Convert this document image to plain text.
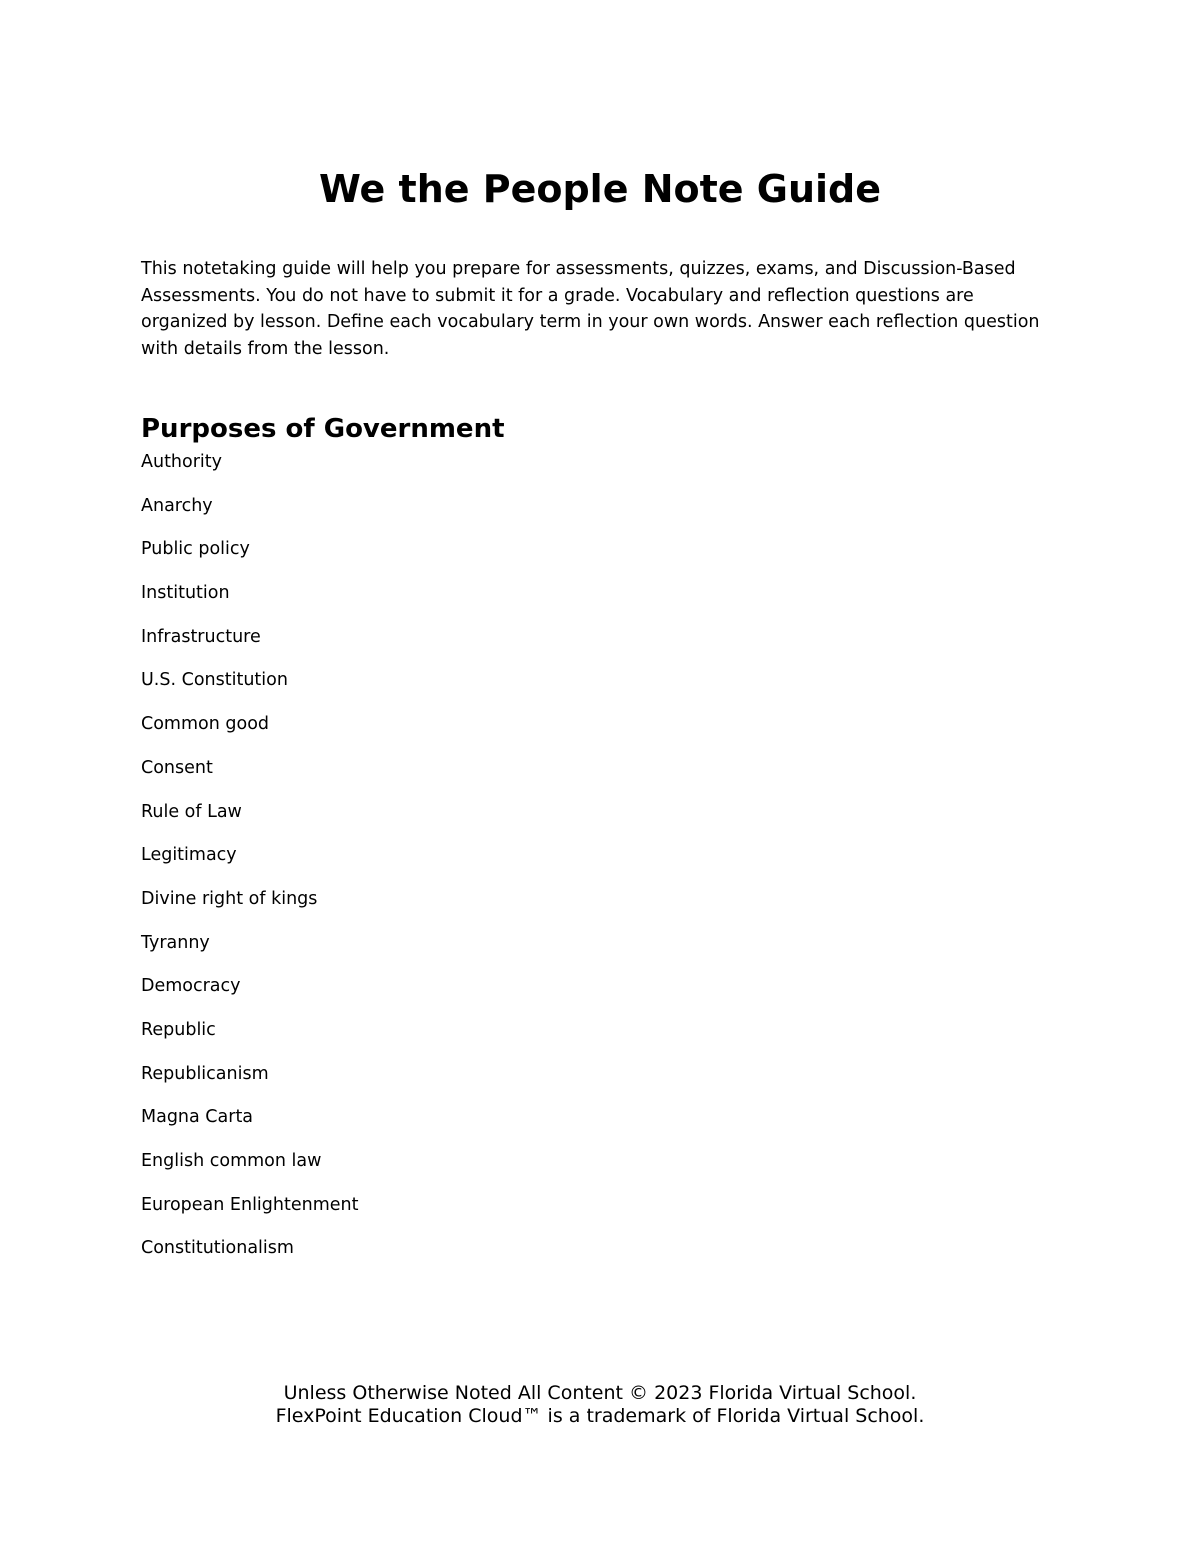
We the People Note Guide

This notetaking guide will help you prepare for assessments, quizzes, exams, and Discussion-Based Assessments. You do not have to submit it for a grade. Vocabulary and reflection questions are organized by lesson. Define each vocabulary term in your own words. Answer each reflection question with details from the lesson.

Purposes of Government
Authority
Anarchy
Public policy
Institution
Infrastructure
U.S. Constitution
Common good
Consent
Rule of Law
Legitimacy
Divine right of kings
Tyranny
Democracy
Republic
Republicanism
Magna Carta
English common law
European Enlightenment
Constitutionalism
Unless Otherwise Noted All Content © 2023 Florida Virtual School.
FlexPoint Education Cloud™ is a trademark of Florida Virtual School.
